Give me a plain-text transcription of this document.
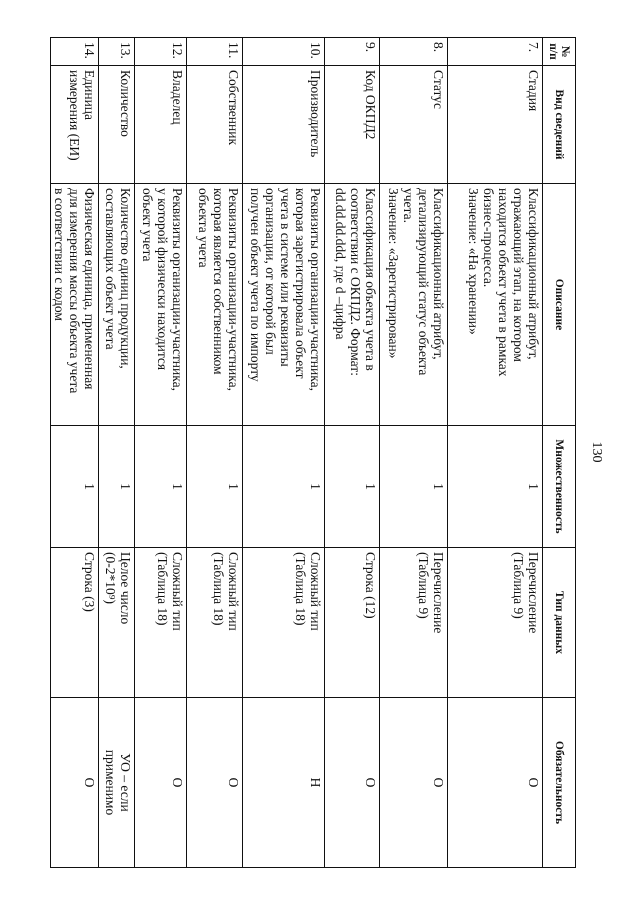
130
№ п/п	Вид сведений	Описание	Множественность	Тип данных	Обязательность
7.	Стадия	Классификационный атрибут,
отражающий этап, на котором
находится объект учета в рамках
бизнес-процесса.
Значение: «На хранении»	1	Перечисление
(Таблица 9)	О
8.	Статус	Классификационный атрибут,
детализирующий статус объекта
учета.
Значение: «Зарегистрирован»	1	Перечисление
(Таблица 9)	О
9.	Код ОКПД2	Классификация объекта учета в
соответствии с ОКПД2. Формат:
dd.dd.dd.ddd, где d –цифра	1	Строка (12)	О
10.	Производитель	Реквизиты организации-участника,
которая зарегистрировала объект
учета в системе или реквизиты
организации, от которой был
получен объект учета по импорту	1	Сложный тип
(Таблица 18)	Н
11.	Собственник	Реквизиты организации-участника,
которая является собственником
объекта учета	1	Сложный тип
(Таблица 18)	О
12.	Владелец	Реквизиты организации-участника,
у которой физически находится
объект учета	1	Сложный тип
(Таблица 18)	О
13.	Количество	Количество единиц продукции,
составляющих объект учета	1	Целое число
(0-2*10⁹)	УО – если
применимо
14.	Единица
измерения (ЕИ)	Физическая единица, примененная
для измерения массы объекта учета
в соответствии с кодом	1	Строка (3)	О
